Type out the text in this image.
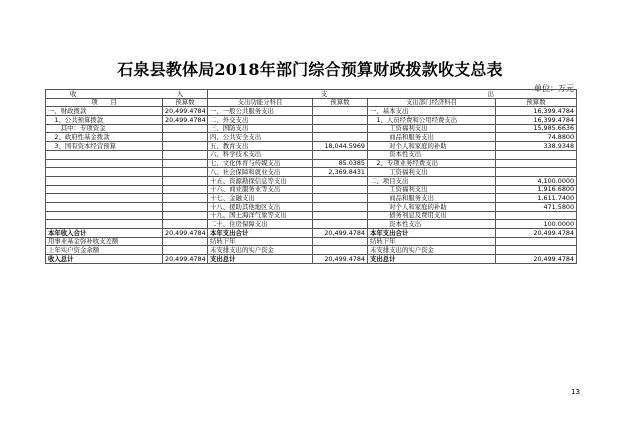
石泉县教体局2018年部门综合预算财政拨款收支总表
单位：万元
收 入		支 出			

项　　目	预算数	支出功能分科目	预算数	支出部门经济科目	预算数
一、财政拨款	20,499.4784	一、一般公共服务支出		一、基本支出	16,399.4784
　1、公共预算拨款	20,499.4784	二、外交支出		　1、人员经费和公用经费支出	16,399.4784
　　其中：专项资金		三、国防支出		　　　工资福利支出	15,985.6636
　2、政府性基金拨款		四、公共安全支出		　　　商品和服务支出	74.8800
　3、国有资本经营预算		五、教育支出	18,044.5969	　　　对个人和家庭的补助	338.9348
		六、科学技术支出		　　　资本性支出	
		七、文化体育与传媒支出	85.0385	　2、专项业务经费支出	
		八、社会保障和就业支出	2,369.8431	　　　工资福利支出	
		十五、资源勘探信息等支出		二、项目支出	4,100.0000
		十六、商业服务业等支出		　　　工资福利支出	1,916.6800
		十七、金融支出		　　　商品和服务支出	1,611.7400
		十八、援助其他地区支出		　　　对个人和家庭的补助	471.5800
		十九、国土海洋气象等支出		　　　债务利息及费用支出	
		二十、住房保障支出		　　　资本性支出	100.0000
本年收入合计	20,499.4784	本年支出合计	20,499.4784	本年支出合计	20,499.4784
用事业基金弥补收支差额		结转下年		结转下年	
上年实户资金余额		未安排支出的实户资金		未安排支出的实户资金	
收入总计	20,499.4784	支出总计	20,499.4784	支出总计	20,499.4784
13
